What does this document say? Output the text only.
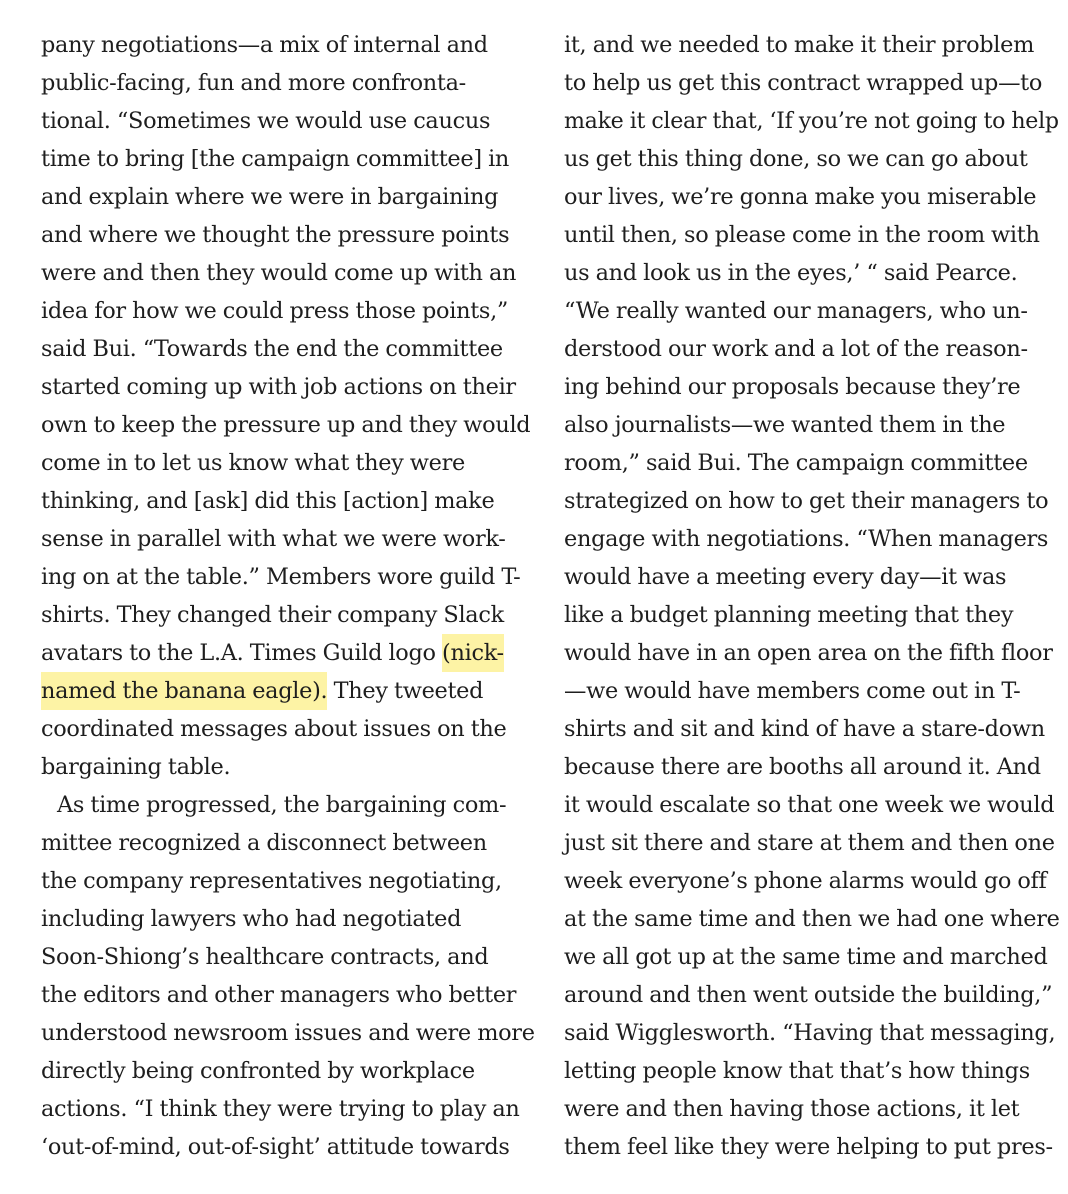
pany negotiations—a mix of internal and
public-facing, fun and more confronta-
tional. “Sometimes we would use caucus
time to bring [the campaign committee] in
and explain where we were in bargaining
and where we thought the pressure points
were and then they would come up with an
idea for how we could press those points,”
said Bui. “Towards the end the committee
started coming up with job actions on their
own to keep the pressure up and they would
come in to let us know what they were
thinking, and [ask] did this [action] make
sense in parallel with what we were work-
ing on at the table.” Members wore guild T-
shirts. They changed their company Slack
avatars to the L.A. Times Guild logo (nick-
named the banana eagle). They tweeted
coordinated messages about issues on the
bargaining table.
As time progressed, the bargaining com-
mittee recognized a disconnect between
the company representatives negotiating,
including lawyers who had negotiated
Soon-Shiong’s healthcare contracts, and
the editors and other managers who better
understood newsroom issues and were more
directly being confronted by workplace
actions. “I think they were trying to play an
‘out-of-mind, out-of-sight’ attitude towards
it, and we needed to make it their problem
to help us get this contract wrapped up—to
make it clear that, ‘If you’re not going to help
us get this thing done, so we can go about
our lives, we’re gonna make you miserable
until then, so please come in the room with
us and look us in the eyes,’ “ said Pearce.
“We really wanted our managers, who un-
derstood our work and a lot of the reason-
ing behind our proposals because they’re
also journalists—we wanted them in the
room,” said Bui. The campaign committee
strategized on how to get their managers to
engage with negotiations. “When managers
would have a meeting every day—it was
like a budget planning meeting that they
would have in an open area on the fifth floor
—we would have members come out in T-
shirts and sit and kind of have a stare-down
because there are booths all around it. And
it would escalate so that one week we would
just sit there and stare at them and then one
week everyone’s phone alarms would go off
at the same time and then we had one where
we all got up at the same time and marched
around and then went outside the building,”
said Wigglesworth. “Having that messaging,
letting people know that that’s how things
were and then having those actions, it let
them feel like they were helping to put pres-
